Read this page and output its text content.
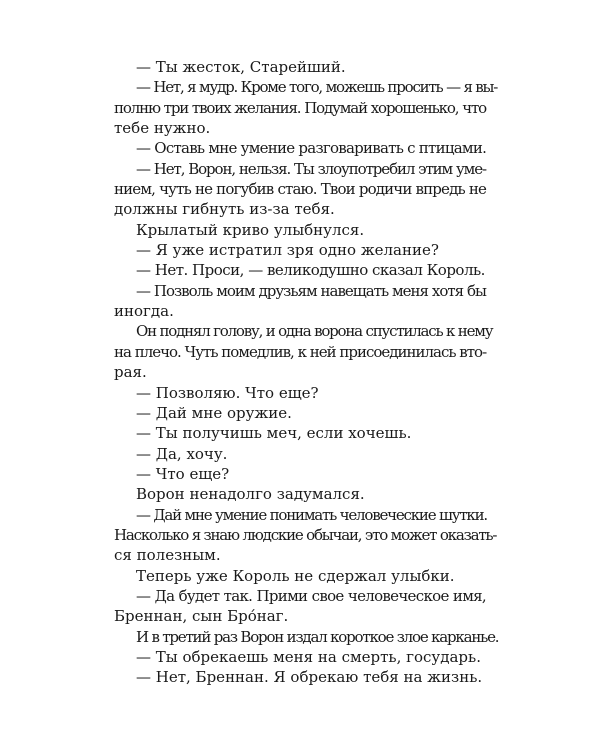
— Ты жесток, Старейший.
— Нет, я мудр. Кроме того, можешь просить — я вы-
полню три твоих желания. Подумай хорошенько, что
тебе нужно.
— Оставь мне умение разговаривать с птицами.
— Нет, Ворон, нельзя. Ты злоупотребил этим уме-
нием, чуть не погубив стаю. Твои родичи впредь не
должны гибнуть из-за тебя.
Крылатый криво улыбнулся.
— Я уже истратил зря одно желание?
— Нет. Проси, — великодушно сказал Король.
— Позволь моим друзьям навещать меня хотя бы
иногда.
Он поднял голову, и одна ворона спустилась к нему
на плечо. Чуть помедлив, к ней присоединилась вто-
рая.
— Позволяю. Что еще?
— Дай мне оружие.
— Ты получишь меч, если хочешь.
— Да, хочу.
— Что еще?
Ворон ненадолго задумался.
— Дай мне умение понимать человеческие шутки.
Насколько я знаю людские обычаи, это может оказать-
ся полезным.
Теперь уже Король не сдержал улыбки.
— Да будет так. Прими свое человеческое имя,
Бреннан, сын Бро́наг.
И в третий раз Ворон издал короткое злое карканье.
— Ты обрекаешь меня на смерть, государь.
— Нет, Бреннан. Я обрекаю тебя на жизнь.
